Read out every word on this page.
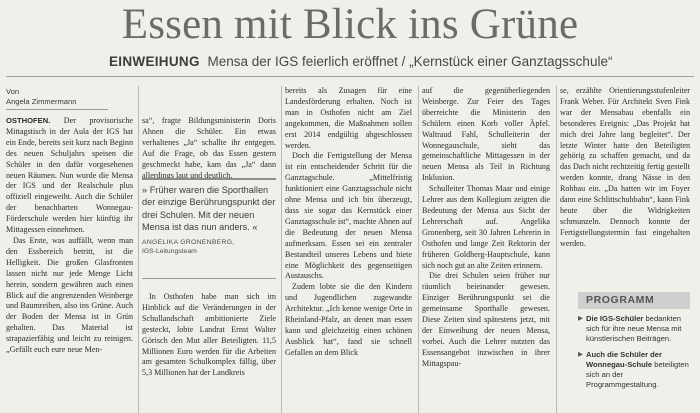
Essen mit Blick ins Grüne
EINWEIHUNG Mensa der IGS feierlich eröffnet / „Kernstück einer Ganztagsschule“
Von
Angela Zimmermann

OSTHOFEN. Der provisorische Mittagstisch in der Aula der IGS hat ein Ende, bereits seit kurz nach Beginn des neuen Schuljahrs speisen die Schüler in den dafür vorgesehenen neuen Räumen. Nun wurde die Mensa der IGS und der Realschule plus offiziell eingeweiht. Auch die Schüler der benachbarten Wonnegau-Förderschule werden hier künftig ihr Mittagessen einnehmen.

Das Erste, was auffällt, wenn man den Essbereich betritt, ist die Helligkeit. Die großen Glasfronten lassen nicht nur jede Menge Licht herein, sondern gewähren auch einen Blick auf die angrenzenden Weinberge und Baumreihen, also ins Grüne. Auch der Boden der Mensa ist in Grün gehalten. Das Material ist strapazierfähig und leicht zu reinigen. „Gefällt euch eure neue Men-

sa“, fragte Bildungsministerin Doris Ahnen die Schüler. Ein etwas verhaltenes „Ja“ schallte ihr entgegen. Auf die Frage, ob das Essen gestern geschmeckt habe, kam das „Ja“ dann allerdings laut und deutlich.

» Früher waren die Sporthallen der einzige Berührungspunkt der drei Schulen. Mit der neuen Mensa ist das nun anders. «
ANGELIKA GRONENBERG,
IGS-Leitungsteam

In Osthofen habe man sich im Hinblick auf die Veränderungen in der Schullandschaft ambitionierte Ziele gesteckt, lobte Landrat Ernst Walter Görisch den Mut aller Beteiligten. 11,5 Millionen Euro werden für die Arbeiten am gesamten Schulkomplex fällig, über 5,3 Millionen hat der Landkreis

bereits als Zusagen für eine Landesförderung erhalten. Noch ist man in Osthofen nicht am Ziel angekommen, die Maßnahmen sollen erst 2014 endgültig abgeschlossen werden.

Doch die Fertigstellung der Mensa ist ein entscheidender Schritt für die Ganztagschule. „Mittelfristig funktioniert eine Ganztagsschule nicht ohne Mensa und ich bin überzeugt, dass sie sogar das Kernstück einer Ganztagsschule ist“, machte Ahnen auf die Bedeutung der neuen Mensa aufmerksam. Essen sei ein zentraler Bestandteil unseres Lebens und biete eine Möglichkeit des gegenseitigen Austauschs.

Zudem lobte sie die den Kindern und Jugendlichen zugewandte Architektur. „Ich kenne wenige Orte in Rheinland-Pfalz, an denen man essen kann und gleichzeitig einen schönen Ausblick hat“, fand sie schnell Gefallen an dem Blick

auf die gegenüberliegenden Weinberge. Zur Feier des Tages überreichte die Ministerin den Schülern einen Korb voller Äpfel. Waltraud Fahl, Schulleiterin der Wonnegauschule, sieht das gemeinschaftliche Mittagessen in der neuen Mensa als Teil in Richtung Inklusion.

Schulleiter Thomas Maar und einige Lehrer aus dem Kollegium zeigten die Bedeutung der Mensa aus Sicht der Lehrerschaft auf. Angelika Gronenberg, seit 30 Jahren Lehrerin in Osthofen und lange Zeit Rektorin der früheren Goldberg-Hauptschule, kann sich noch gut an alte Zeiten erinnern.

Die drei Schulen seien früher nur räumlich beieinander gewesen. Einziger Berührungspunkt sei die gemeinsame Sporthalle gewesen. Diese Zeiten sind spätestens jetzt, mit der Einweihung der neuen Mensa, vorbei. Auch die Lehrer nutzten das Essensangebot inzwischen in ihrer Mittagspau-

se, erzählte Orientierungsstufenleiter Frank Weber. Für Architekt Sven Fink war der Mensabau ebenfalls ein besonderes Ereignis: „Das Projekt hat mich drei Jahre lang begleitet“. Der letzte Winter hatte den Beteiligten gehörig zu schaffen gemacht, und da das Dach nicht rechtzeitig fertig gestellt werden konnte, drang Nässe in den Rohbau ein. „Da hatten wir im Foyer dann eine Schlittschuhbahn“, kann Fink heute über die Widrigkeiten schmunzeln. Dennoch konnte der Fertigstellungstermin fast eingehalten werden.

PROGRAMM
▶ Die IGS-Schüler bedankten sich für ihre neue Mensa mit künstlerischen Beiträgen.
▶ Auch die Schüler der Wonnegau-Schule beteiligten sich an der Programmgestaltung.
